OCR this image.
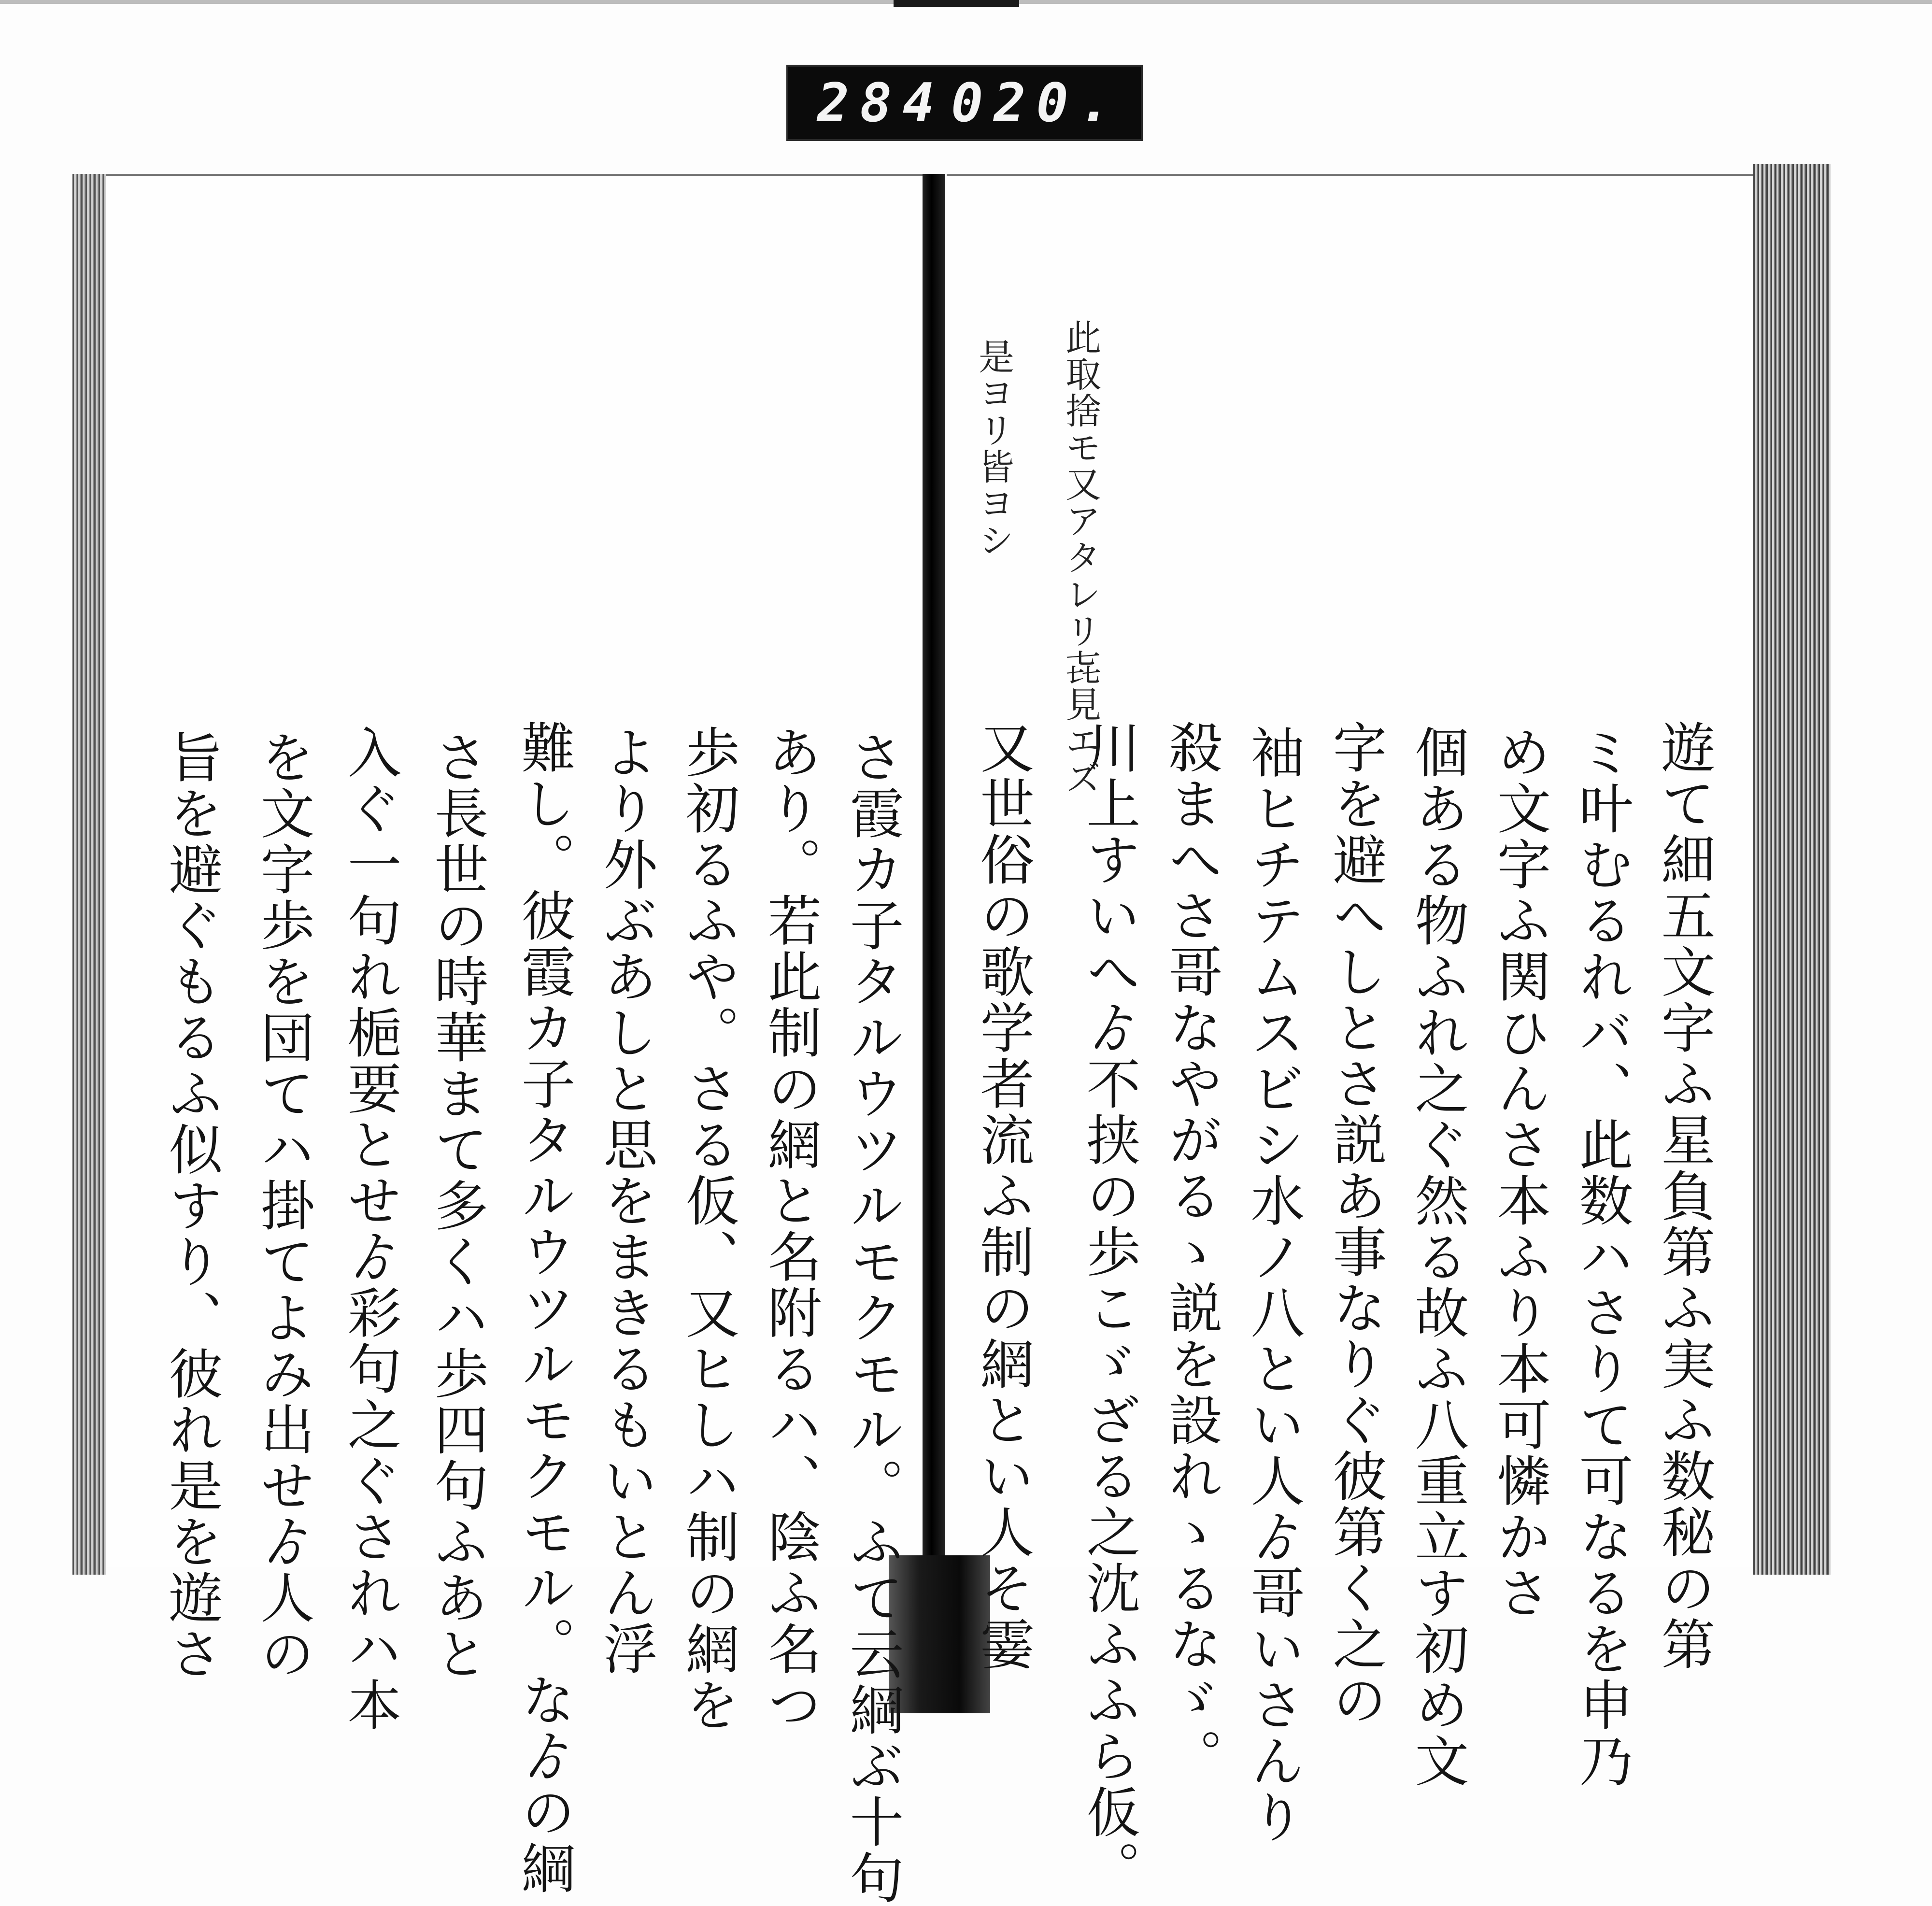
284 020.
此取捨モ又アタレリ㐂見エズ
是ヨリ皆ヨシ
遊て細五文字ふ星負第ふ実ふ数秘の第
ミ叶むるれバ、此数ハさりて可なるを申乃
め文字ふ関ひんさ本ふり本可憐かさ
個ある物ふれ之ぐ然る故ふ八重立す初め文
字を避へしとさ説あ事なりぐ彼第く之の
袖ヒチテムスビシ水ノ八とい人ゟ哥いさんり
殺まへさ哥なやがるゝ説を設れゝるなゞ。
川上すいへゟ不挟の歩こゞざる之沈ふふら仮。
又世俗の歌学者流ふ制の網とい人そ霎
さ霞カ子タルウツルモクモル。ふて云綱ぶ十句
あり。若此制の網と名附るハ、陰ふ名つ
歩初るふや。さる仮、又ヒしハ制の網を
より外ぶあしと思をまきるもいとん浮
難し。彼霞カ子タルウツルモクモル。なゟの綱
さ長世の時華まて多くハ歩四句ふあと
入ぐ一句れ梔要とせゟ彩句之ぐされハ本
を文字歩を団てハ掛てよみ出せゟ人の
旨を避ぐもるふ似すり、彼れ是を遊さ
